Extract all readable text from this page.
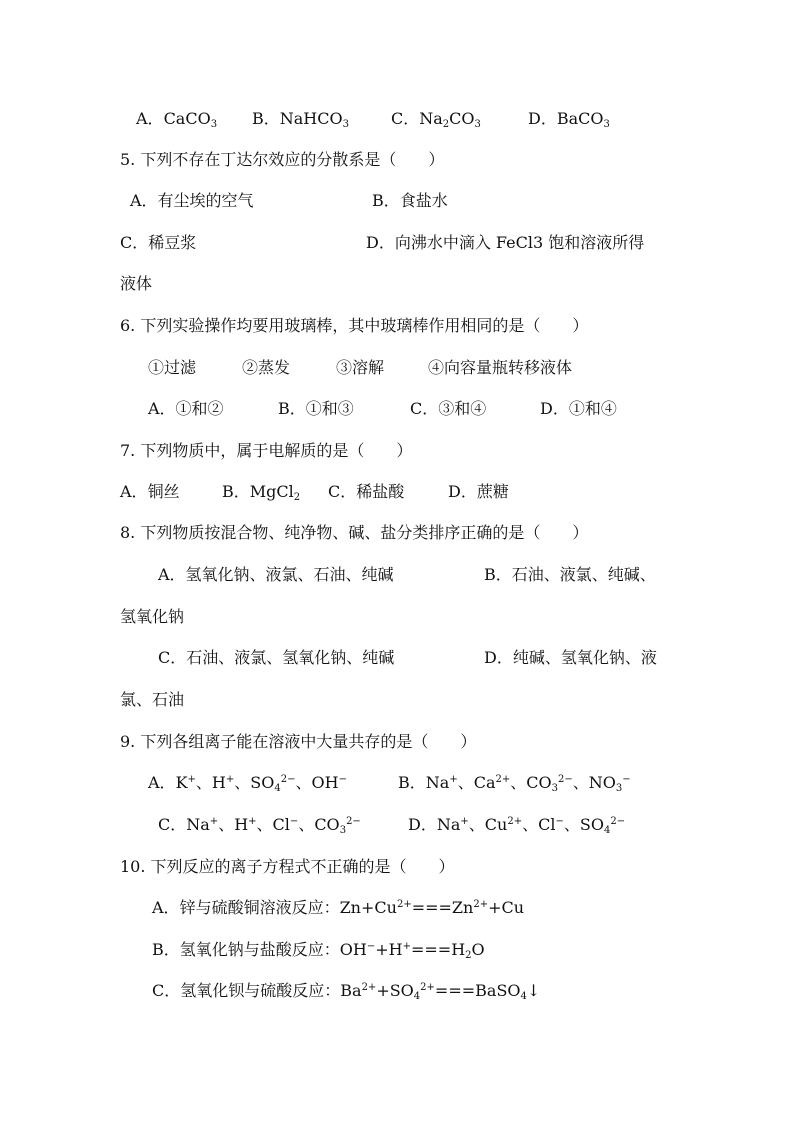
A．CaCO$_3$ B．NaHCO$_3$	C．$Na_2CO_3$	D．BaCO$_3$
5. 下列不存在丁达尔效应的分散系是（　　）
A．有尘埃的空气	B．食盐水
C．稀豆浆	D．向沸水中滴入 FeCl3 饱和溶液所得
液体
6. 下列实验操作均要用玻璃棒，其中玻璃棒作用相同的是（　　）
①过滤	②蒸发	③溶解	④向容量瓶转移液体
A．①和②	B．①和③	C．③和④	D．①和④
7. 下列物质中，属于电解质的是（　　）
A．铜丝	B．MgCl$_2$ C．稀盐酸	D．蔗糖
8. 下列物质按混合物、纯净物、碱、盐分类排序正确的是（　　）
A．氢氧化钠、液氯、石油、纯碱	B．石油、液氯、纯碱、
氢氧化钠
C．石油、液氯、氢氧化钠、纯碱	D．纯碱、氢氧化钠、液
氯、石油
9. 下列各组离子能在溶液中大量共存的是（　　）
A．K+、H+、$SO_4^{2-}$、OH−	B．Na+、$Ca^{2+}$、$CO_3^{2-}$、$NO_3^-$
C．Na+、H+、Cl−、$CO_3^{2-}$	D．Na+、$Cu^{2+}$、Cl−、$SO_4^{2-}$
10. 下列反应的离子方程式不正确的是（　　）
A．锌与硫酸铜溶液反应：$Zn+Cu^{2+}===Zn^{2+}+Cu$
B．氢氧化钠与盐酸反应：$OH^-+H^+===H_2O$
C．氢氧化钡与硫酸反应：$Ba^{2+}+SO_4^{2+}===BaSO_4↓$
